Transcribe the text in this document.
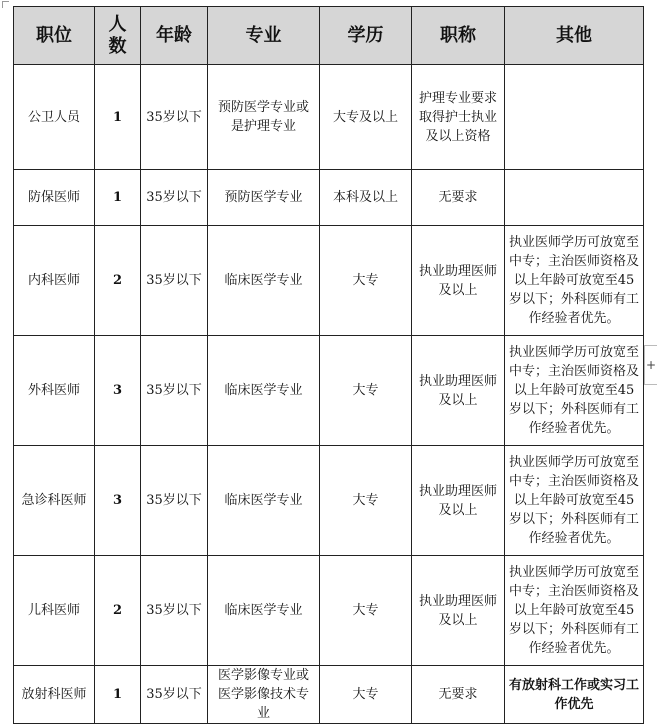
职位	人数	年龄	专业	学历	职称	其他
公卫人员	1	35岁以下	预防医学专业或是护理专业	大专及以上	护理专业要求取得护士执业及以上资格	
防保医师	1	35岁以下	预防医学专业	本科及以上	无要求	
内科医师	2	35岁以下	临床医学专业	大专	执业助理医师及以上	执业医师学历可放宽至中专；主治医师资格及以上年龄可放宽至45岁以下；外科医师有工作经验者优先。
外科医师	3	35岁以下	临床医学专业	大专	执业助理医师及以上	执业医师学历可放宽至中专；主治医师资格及以上年龄可放宽至45岁以下；外科医师有工作经验者优先。
急诊科医师	3	35岁以下	临床医学专业	大专	执业助理医师及以上	执业医师学历可放宽至中专；主治医师资格及以上年龄可放宽至45岁以下；外科医师有工作经验者优先。
儿科医师	2	35岁以下	临床医学专业	大专	执业助理医师及以上	执业医师学历可放宽至中专；主治医师资格及以上年龄可放宽至45岁以下；外科医师有工作经验者优先。
放射科医师	1	35岁以下	医学影像专业或医学影像技术专业	大专	无要求	有放射科工作或实习工作优先
+
